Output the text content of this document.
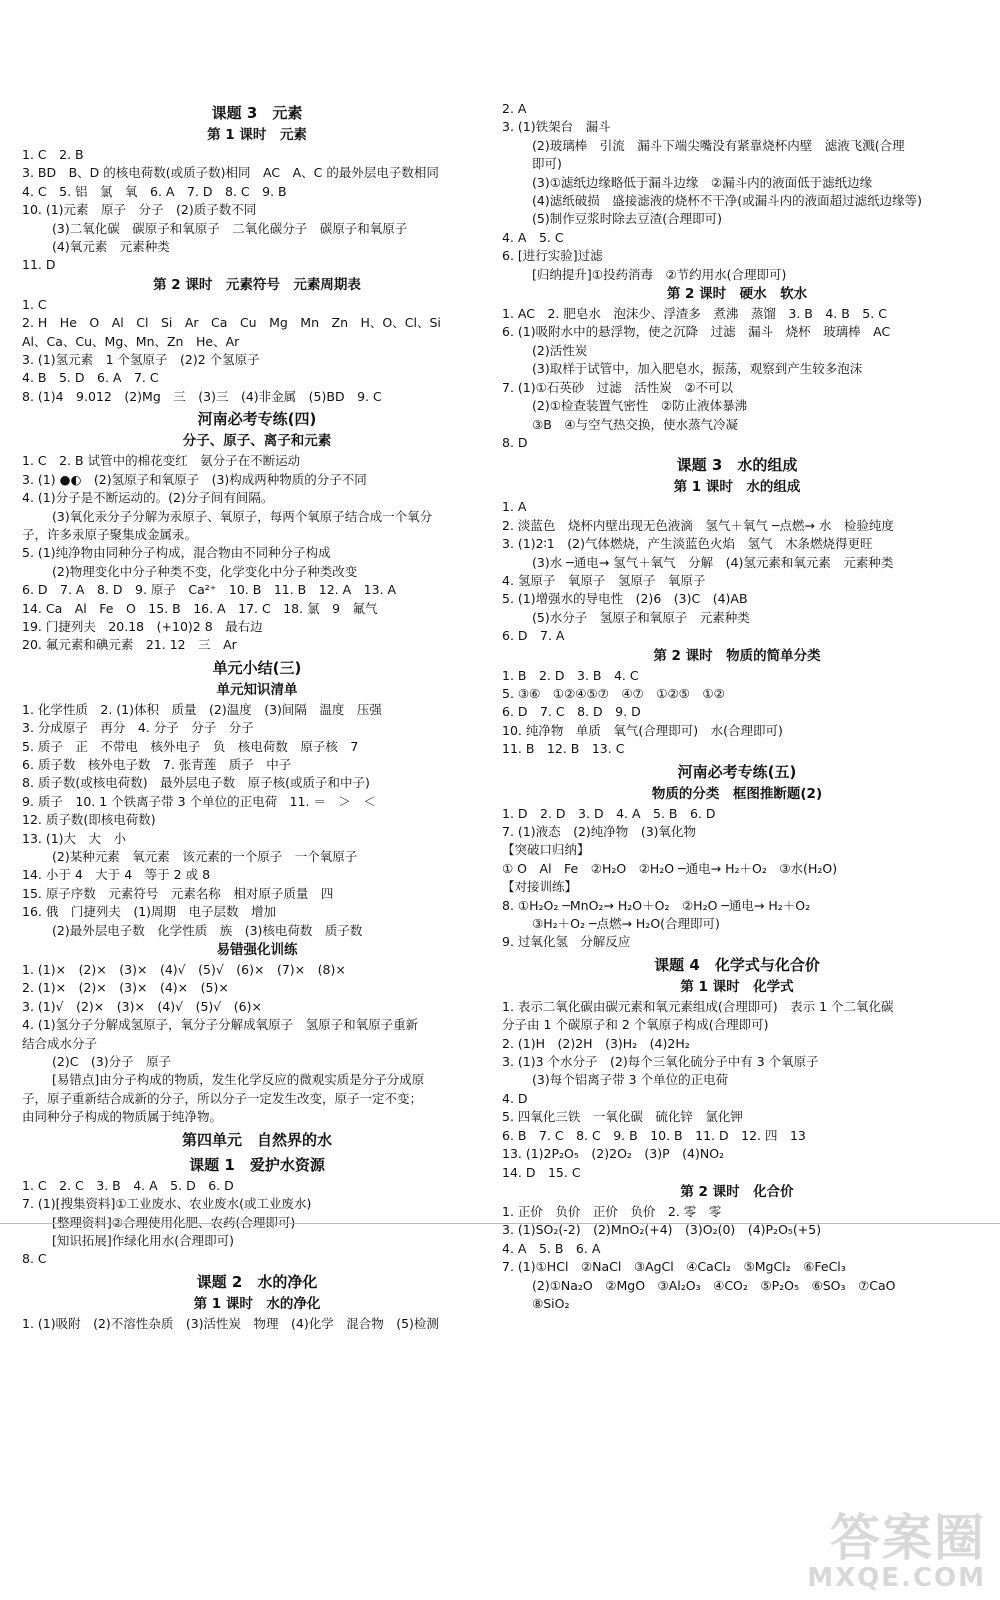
课题 3　元素
第 1 课时　元素
1. C　2. B
3. BD　B、D 的核电荷数(或质子数)相同　AC　A、C 的最外层电子数相同
4. C　5. 铝　氯　氧　6. A　7. D　8. C　9. B
10. (1)元素　原子　分子　(2)质子数不同
(3)二氧化碳　碳原子和氧原子　二氧化碳分子　碳原子和氧原子
(4)氧元素　元素种类
11. D
第 2 课时　元素符号　元素周期表
1. C
2. H　He　O　Al　Cl　Si　Ar　Ca　Cu　Mg　Mn　Zn　H、O、Cl、Si
Al、Ca、Cu、Mg、Mn、Zn　He、Ar
3. (1)氢元素　1 个氢原子　(2)2 个氢原子
4. B　5. D　6. A　7. C
8. (1)4　9.012　(2)Mg　三　(3)三　(4)非金属　(5)BD　9. C
河南必考专练(四)
分子、原子、离子和元素
1. C　2. B 试管中的棉花变红　氨分子在不断运动
3. (1) ●◐　(2)氢原子和氧原子　(3)构成两种物质的分子不同
4. (1)分子是不断运动的。(2)分子间有间隔。
(3)氧化汞分子分解为汞原子、氧原子，每两个氧原子结合成一个氧分
子，许多汞原子聚集成金属汞。
5. (1)纯净物由同种分子构成，混合物由不同种分子构成
(2)物理变化中分子种类不变，化学变化中分子种类改变
6. D　7. A　8. D　9. 原子　Ca²⁺　10. B　11. B　12. A　13. A
14. Ca　Al　Fe　O　15. B　16. A　17. C　18. 氯　9　氟气
19. 门捷列夫　20.18　(+10)2 8　最右边
20. 氟元素和碘元素　21. 12　三　Ar
单元小结(三)
单元知识清单
1. 化学性质　2. (1)体积　质量　(2)温度　(3)间隔　温度　压强
3. 分成原子　再分　4. 分子　分子　分子
5. 质子　正　不带电　核外电子　负　核电荷数　原子核　7
6. 质子数　核外电子数　7. 张青莲　质子　中子
8. 质子数(或核电荷数)　最外层电子数　原子核(或质子和中子)
9. 质子　10. 1 个铁离子带 3 个单位的正电荷　11. ＝　＞　＜
12. 质子数(即核电荷数)
13. (1)大　大　小
(2)某种元素　氧元素　该元素的一个原子　一个氧原子
14. 小于 4　大于 4　等于 2 或 8
15. 原子序数　元素符号　元素名称　相对原子质量　四
16. 俄　门捷列夫　(1)周期　电子层数　增加
(2)最外层电子数　化学性质　族　(3)核电荷数　质子数
易错强化训练
1. (1)×　(2)×　(3)×　(4)√　(5)√　(6)×　(7)×　(8)×
2. (1)×　(2)×　(3)×　(4)×　(5)×
3. (1)√　(2)×　(3)×　(4)√　(5)√　(6)×
4. (1)氢分子分解成氢原子，氧分子分解成氧原子　氢原子和氧原子重新
结合成水分子
(2)C　(3)分子　原子
[易错点]由分子构成的物质，发生化学反应的微观实质是分子分成原
子，原子重新结合成新的分子，所以分子一定发生改变，原子一定不变；
由同种分子构成的物质属于纯净物。
第四单元　自然界的水
课题 1　爱护水资源
1. C　2. C　3. B　4. A　5. D　6. D
7. (1)[搜集资料]①工业废水、农业废水(或工业废水)
[整理资料]②合理使用化肥、农药(合理即可)
[知识拓展]作绿化用水(合理即可)
8. C
课题 2　水的净化
第 1 课时　水的净化
1. (1)吸附　(2)不溶性杂质　(3)活性炭　物理　(4)化学　混合物　(5)检测
2. A
3. (1)铁架台　漏斗
(2)玻璃棒　引流　漏斗下端尖嘴没有紧靠烧杯内壁　滤液飞溅(合理
即可)
(3)①滤纸边缘略低于漏斗边缘　②漏斗内的液面低于滤纸边缘
(4)滤纸破损　盛接滤液的烧杯不干净(或漏斗内的液面超过滤纸边缘等)
(5)制作豆浆时除去豆渣(合理即可)
4. A　5. C
6. [进行实验]过滤
[归纳提升]①投药消毒　②节约用水(合理即可)
第 2 课时　硬水　软水
1. AC　2. 肥皂水　泡沫少、浮渣多　煮沸　蒸馏　3. B　4. B　5. C
6. (1)吸附水中的悬浮物，使之沉降　过滤　漏斗　烧杯　玻璃棒　AC
(2)活性炭
(3)取样于试管中，加入肥皂水，振荡，观察到产生较多泡沫
7. (1)①石英砂　过滤　活性炭　②不可以
(2)①检查装置气密性　②防止液体暴沸
③B　④与空气热交换，使水蒸气冷凝
8. D
课题 3　水的组成
第 1 课时　水的组成
1. A
2. 淡蓝色　烧杯内壁出现无色液滴　氢气＋氧气 ─点燃→ 水　检验纯度
3. (1)2∶1　(2)气体燃烧，产生淡蓝色火焰　氢气　木条燃烧得更旺
(3)水 ─通电→ 氢气＋氧气　分解　(4)氢元素和氧元素　元素种类
4. 氢原子　氧原子　氢原子　氧原子
5. (1)增强水的导电性　(2)6　(3)C　(4)AB
(5)水分子　氢原子和氧原子　元素种类
6. D　7. A
第 2 课时　物质的简单分类
1. B　2. D　3. B　4. C
5. ③⑥　①②④⑤⑦　④⑦　①②⑤　①②
6. D　7. C　8. D　9. D
10. 纯净物　单质　氧气(合理即可)　水(合理即可)
11. B　12. B　13. C
河南必考专练(五)
物质的分类　框图推断题(2)
1. D　2. D　3. D　4. A　5. B　6. D
7. (1)液态　(2)纯净物　(3)氧化物
【突破口归纳】
① O　Al　Fe　②H₂O　②H₂O ─通电→ H₂＋O₂　③水(H₂O)
【对接训练】
8. ①H₂O₂ ─MnO₂→ H₂O＋O₂　②H₂O ─通电→ H₂＋O₂
③H₂＋O₂ ─点燃→ H₂O(合理即可)
9. 过氧化氢　分解反应
课题 4　化学式与化合价
第 1 课时　化学式
1. 表示二氧化碳由碳元素和氧元素组成(合理即可)　表示 1 个二氧化碳
分子由 1 个碳原子和 2 个氧原子构成(合理即可)
2. (1)H　(2)2H　(3)H₂　(4)2H₂
3. (1)3 个水分子　(2)每个三氧化硫分子中有 3 个氧原子
(3)每个铝离子带 3 个单位的正电荷
4. D
5. 四氧化三铁　一氧化碳　硫化锌　氯化钾
6. B　7. C　8. C　9. B　10. B　11. D　12. 四　13
13. (1)2P₂O₅　(2)2O₂　(3)P　(4)NO₂
14. D　15. C
第 2 课时　化合价
1. 正价　负价　正价　负价　2. 零　零
3. (1)SO₂(-2)　(2)MnO₂(+4)　(3)O₂(0)　(4)P₂O₅(+5)
4. A　5. B　6. A
7. (1)①HCl　②NaCl　③AgCl　④CaCl₂　⑤MgCl₂　⑥FeCl₃
(2)①Na₂O　②MgO　③Al₂O₃　④CO₂　⑤P₂O₅　⑥SO₃　⑦CaO
⑧SiO₂
答案圈
MXQE.COM
